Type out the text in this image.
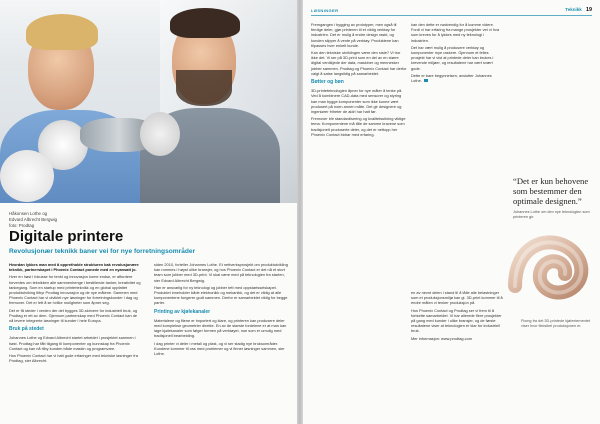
Håkonsen Lothe og
Edvard Albrecht Bergwig
foto: Prodtag
Digitale printere
Revolusjonær teknikk baner vei for nye forretningsområder

Hvordan lykkes man med å oppretholde strukturen bak revolusjonære teknikk, partnerskapet i Phoenix Contact ponede med en nyansatt jo.

Hver en høst i fokusse for tenkt og innovasjon kome endse, er affordere forventes om teknikken alle sammenhenge i bestillende tanker, kreativitet og tankegang. Som en startup med printerteknikk og en global oppfattet produktutviking tilbyr Prodtag innovasjon og de nye måtene. Sammen med Phoenix Contact har vi utviklet nye løsninger for forretningskunder i dag og fremover. Det er lett å se hvilke muligheter som åpner seg.

Det er få steder i verden der det bygges 3D-skrivere for industrielt bruk, og Prodtag er ett av dem. Gjennom partnerskap med Phoenix Contact kan de nå levere integrerte løsninger til kunder i hele Europa.

Bruk på stedet

Johannes Lothe og Edvard Albrecht startet arbeidet i prosjektet sammen i høst. Prodtag har fått tilgang til komponenter og kunnskap fra Phoenix Contact og kan nå tilby kunden både maskin og programvare.

Hos Phoenix Contact har vi hatt gode erfaringer med tekniske løsninger fra Prodtag, sier Albrecht.

siden 2010, forteller Johannes Lothe. Et nettverksprosjekt om produktutvikling kan rommes i høyst ulike bransjer, og hos Phoenix Contact er det nå et stort team som jobber med 3D-print. Vi skal være med på teknologien fra starten, sier Edvard Albrecht Bergwig.

Han er ansvarlig for ny teknologi og jobber tett med oppstartsselskapet. Produktet inneholder både elektronikk og mekanikk, og det er viktig at alle komponentene fungerer godt sammen. Derfor er samarbeidet viktig for begge parter.

Printing av kjølekanaler

Materialene og filene er importert og klare, og printeren kan produsere deler med komplekse geometrier direkte. En av de største fordelene er at man kan lage kjølekanaler som følger formen på verktøyet, noe som er umulig med tradisjonell bearbeiding.

I dag printer vi deler i metall og plast, og vi ser stadig nye bruksområder. Kundene kommer til oss med problemer og vi finner løsninger sammen, sier Lothe.

LØSNINGER	Teknikk 19

Fremgangen i bygging av prototyper, men også til ferdige deler, gjør printeren til et viktig verktøy for industrien. Det er mulig å endre design raskt, og kunden slipper å vente på verktøy. Produktene kan tilpasses hver enkelt kunde.

Kan den tekniske utviklingen være den siste? Vi tror ikke det. Vi ser på 3D-print som en del av en større digital verdikjede der data, maskiner og mennesker jobber sammen. Prodtag og Phoenix Contact har derfor valgt å satse langsiktig på samarbeidet.

Bøtter og bøn

3D-printeteknologien åpner for nye måter å tenke på. Ved å kombinere CAD-data med sensorer og styring kan man bygge komponenter som ikke kunne vært produsert på noen annen måte. Det gir designere og ingeniører friheter de aldri har hatt før.

Fremover blir standardisering og kvalitetssikring viktige tema. Komponentene må tåle de samme kravene som tradisjonelt produserte deler, og det er nettopp her Phoenix Contact bidrar med erfaring.

kan den dette er nødvendig for å komme videre. Fordi vi har erfaring fra mange prosjekter vet vi hva som kreves for å lykkes med ny teknologi i industrien.

Det har vært mulig å produsere verktøy og komponenter mye raskere. Gjennom et felles prosjekt har vi vist at printede deler kan brukes i krevende miljøer, og resultatene har vært svært gode.

Dette er bare begynnelsen, avslutter Johannes Lothe.

en av nevnt delen i stand til å tålle alle belastninger som et produksjonsmiljø kan gi. 3D-print kommer til å endre måten vi tenker produksjon på.

Hos Phoenix Contact og Prodtag ser vi frem til å fortsette samarbeidet. Vi har allerede flere prosjekter på gang med kunder i ulike bransjer, og de første resultatene viser at teknologien er klar for industriell bruk.

Mer informasjon: www.prodtag.com

“Det er kun behovene som bestemmer den optimale designen.”
Johannes Lothe om den nye teknologien som printeren gir.
Flomg fra det 3D-printede kjøleelementet viser hvor fleksibel produksjonen er.
